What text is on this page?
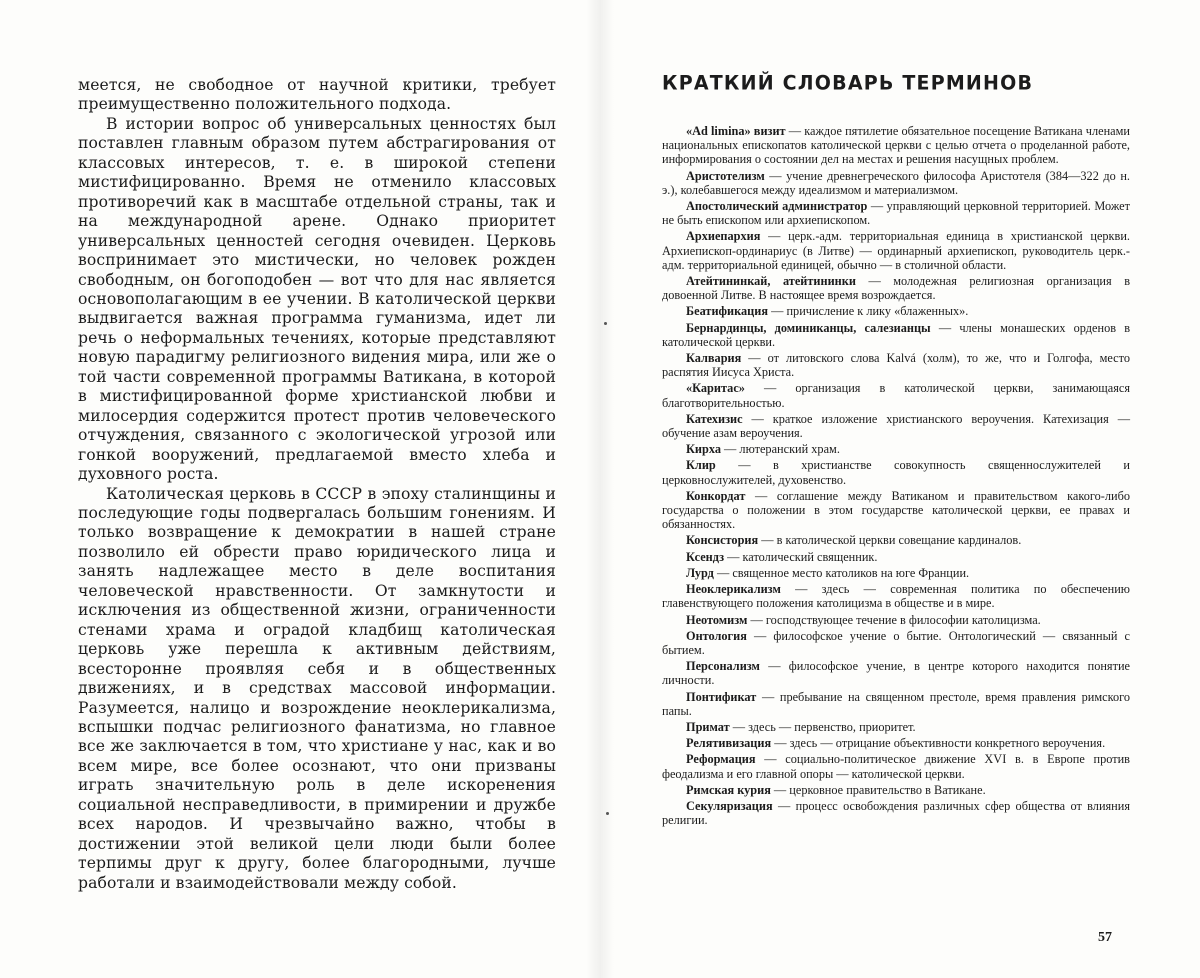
меется, не свободное от научной критики, требует преимущественно положительного подхода.

В истории вопрос об универсальных ценностях был поставлен главным образом путем абстрагирования от классовых интересов, т. е. в широкой степени мистифицированно. Время не отменило классовых противоречий как в масштабе отдельной страны, так и на международной арене. Однако приоритет универсальных ценностей сегодня очевиден. Церковь воспринимает это мистически, но человек рожден свободным, он богоподобен — вот что для нас является основополагающим в ее учении. В католической церкви выдвигается важная программа гуманизма, идет ли речь о неформальных течениях, которые представляют новую парадигму религиозного видения мира, или же о той части современной программы Ватикана, в которой в мистифицированной форме христианской любви и милосердия содержится протест против человеческого отчуждения, связанного с экологической угрозой или гонкой вооружений, предлагаемой вместо хлеба и духовного роста.

Католическая церковь в СССР в эпоху сталинщины и последующие годы подвергалась большим гонениям. И только возвращение к демократии в нашей стране позволило ей обрести право юридического лица и занять надлежащее место в деле воспитания человеческой нравственности. От замкнутости и исключения из общественной жизни, ограниченности стенами храма и оградой кладбищ католическая церковь уже перешла к активным действиям, всесторонне проявляя себя и в общественных движениях, и в средствах массовой информации. Разумеется, налицо и возрождение неоклерикализма, вспышки подчас религиозного фанатизма, но главное все же заключается в том, что христиане у нас, как и во всем мире, все более осознают, что они призваны играть значительную роль в деле искоренения социальной несправедливости, в примирении и дружбе всех народов. И чрезвычайно важно, чтобы в достижении этой великой цели люди были более терпимы друг к другу, более благородными, лучше работали и взаимодействовали между собой.

КРАТКИЙ СЛОВАРЬ ТЕРМИНОВ

«Ad limina» визит — каждое пятилетие обязательное посещение Ватикана членами национальных епископатов католической церкви с целью отчета о проделанной работе, информирования о состоянии дел на местах и решения насущных проблем.

Аристотелизм — учение древнегреческого философа Аристотеля (384—322 до н. э.), колебавшегося между идеализмом и материализмом.

Апостолический администратор — управляющий церковной территорией. Может не быть епископом или архиепископом.

Архиепархия — церк.-адм. территориальная единица в христианской церкви. Архиепископ-ординариус (в Литве) — ординарный архиепископ, руководитель церк.-адм. территориальной единицей, обычно — в столичной области.

Атейтининкай, атейтининки — молодежная религиозная организация в довоенной Литве. В настоящее время возрождается.

Беатификация — причисление к лику «блаженных».

Бернардинцы, доминиканцы, салезианцы — члены монашеских орденов в католической церкви.

Калвария — от литовского слова Kalvá (холм), то же, что и Голгофа, место распятия Иисуса Христа.

«Каритас» — организация в католической церкви, занимающаяся благотворительностью.

Катехизис — краткое изложение христианского вероучения. Катехизация — обучение азам вероучения.

Кирха — лютеранский храм.

Клир — в христианстве совокупность священнослужителей и церковнослужителей, духовенство.

Конкордат — соглашение между Ватиканом и правительством какого-либо государства о положении в этом государстве католической церкви, ее правах и обязанностях.

Консистория — в католической церкви совещание кардиналов.

Ксендз — католический священник.

Лурд — священное место католиков на юге Франции.

Неоклерикализм — здесь — современная политика по обеспечению главенствующего положения католицизма в обществе и в мире.

Неотомизм — господствующее течение в философии католицизма.

Онтология — философское учение о бытие. Онтологический — связанный с бытием.

Персонализм — философское учение, в центре которого находится понятие личности.

Понтификат — пребывание на священном престоле, время правления римского папы.

Примат — здесь — первенство, приоритет.

Релятивизация — здесь — отрицание объективности конкретного вероучения.

Реформация — социально-политическое движение XVI в. в Европе против феодализма и его главной опоры — католической церкви.

Римская курия — церковное правительство в Ватикане.

Секуляризация — процесс освобождения различных сфер общества от влияния религии.

57
